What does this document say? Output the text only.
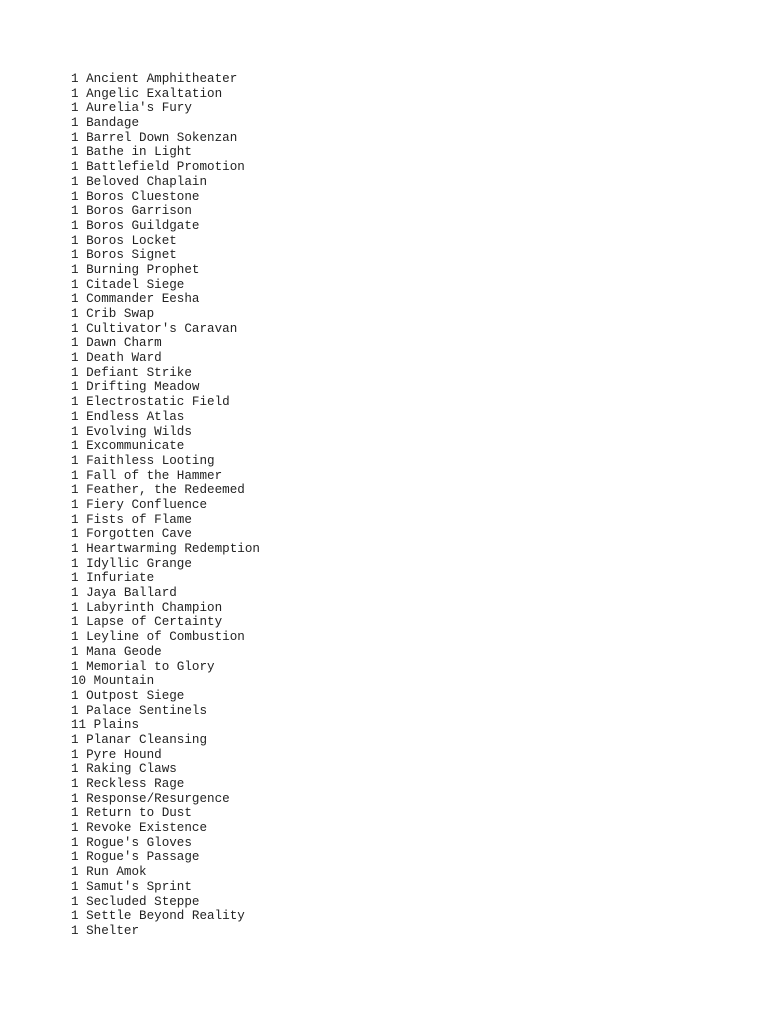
1 Ancient Amphitheater
1 Angelic Exaltation
1 Aurelia's Fury
1 Bandage
1 Barrel Down Sokenzan
1 Bathe in Light
1 Battlefield Promotion
1 Beloved Chaplain
1 Boros Cluestone
1 Boros Garrison
1 Boros Guildgate
1 Boros Locket
1 Boros Signet
1 Burning Prophet
1 Citadel Siege
1 Commander Eesha
1 Crib Swap
1 Cultivator's Caravan
1 Dawn Charm
1 Death Ward
1 Defiant Strike
1 Drifting Meadow
1 Electrostatic Field
1 Endless Atlas
1 Evolving Wilds
1 Excommunicate
1 Faithless Looting
1 Fall of the Hammer
1 Feather, the Redeemed
1 Fiery Confluence
1 Fists of Flame
1 Forgotten Cave
1 Heartwarming Redemption
1 Idyllic Grange
1 Infuriate
1 Jaya Ballard
1 Labyrinth Champion
1 Lapse of Certainty
1 Leyline of Combustion
1 Mana Geode
1 Memorial to Glory
10 Mountain
1 Outpost Siege
1 Palace Sentinels
11 Plains
1 Planar Cleansing
1 Pyre Hound
1 Raking Claws
1 Reckless Rage
1 Response/Resurgence
1 Return to Dust
1 Revoke Existence
1 Rogue's Gloves
1 Rogue's Passage
1 Run Amok
1 Samut's Sprint
1 Secluded Steppe
1 Settle Beyond Reality
1 Shelter
